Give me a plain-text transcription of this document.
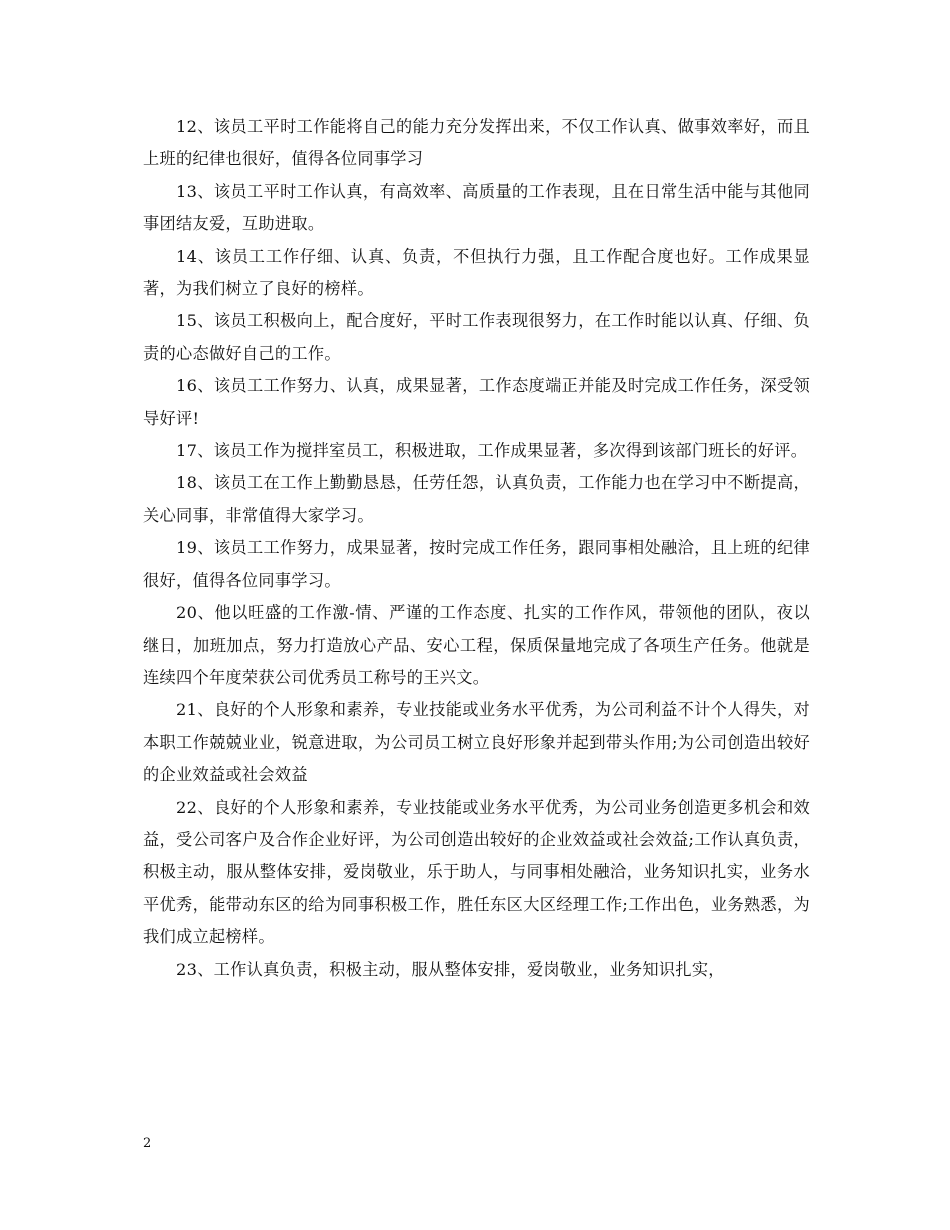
12、该员工平时工作能将自己的能力充分发挥出来，不仅工作认真、做事效率好，而且上班的纪律也很好，值得各位同事学习

13、该员工平时工作认真，有高效率、高质量的工作表现，且在日常生活中能与其他同事团结友爱，互助进取。

14、该员工工作仔细、认真、负责，不但执行力强，且工作配合度也好。工作成果显著，为我们树立了良好的榜样。

15、该员工积极向上，配合度好，平时工作表现很努力，在工作时能以认真、仔细、负责的心态做好自己的工作。

16、该员工工作努力、认真，成果显著，工作态度端正并能及时完成工作任务，深受领导好评!

17、该员工作为搅拌室员工，积极进取，工作成果显著，多次得到该部门班长的好评。

18、该员工在工作上勤勤恳恳，任劳任怨，认真负责，工作能力也在学习中不断提高，关心同事，非常值得大家学习。

19、该员工工作努力，成果显著，按时完成工作任务，跟同事相处融洽，且上班的纪律很好，值得各位同事学习。

20、他以旺盛的工作激-情、严谨的工作态度、扎实的工作作风，带领他的团队，夜以继日，加班加点，努力打造放心产品、安心工程，保质保量地完成了各项生产任务。他就是连续四个年度荣获公司优秀员工称号的王兴文。

21、良好的个人形象和素养，专业技能或业务水平优秀，为公司利益不计个人得失，对本职工作兢兢业业，锐意进取，为公司员工树立良好形象并起到带头作用;为公司创造出较好的企业效益或社会效益

22、良好的个人形象和素养，专业技能或业务水平优秀，为公司业务创造更多机会和效益，受公司客户及合作企业好评，为公司创造出较好的企业效益或社会效益;工作认真负责，积极主动，服从整体安排，爱岗敬业，乐于助人，与同事相处融洽，业务知识扎实，业务水平优秀，能带动东区的给为同事积极工作，胜任东区大区经理工作;工作出色，业务熟悉，为我们成立起榜样。

23、工作认真负责，积极主动，服从整体安排，爱岗敬业，业务知识扎实，

2
